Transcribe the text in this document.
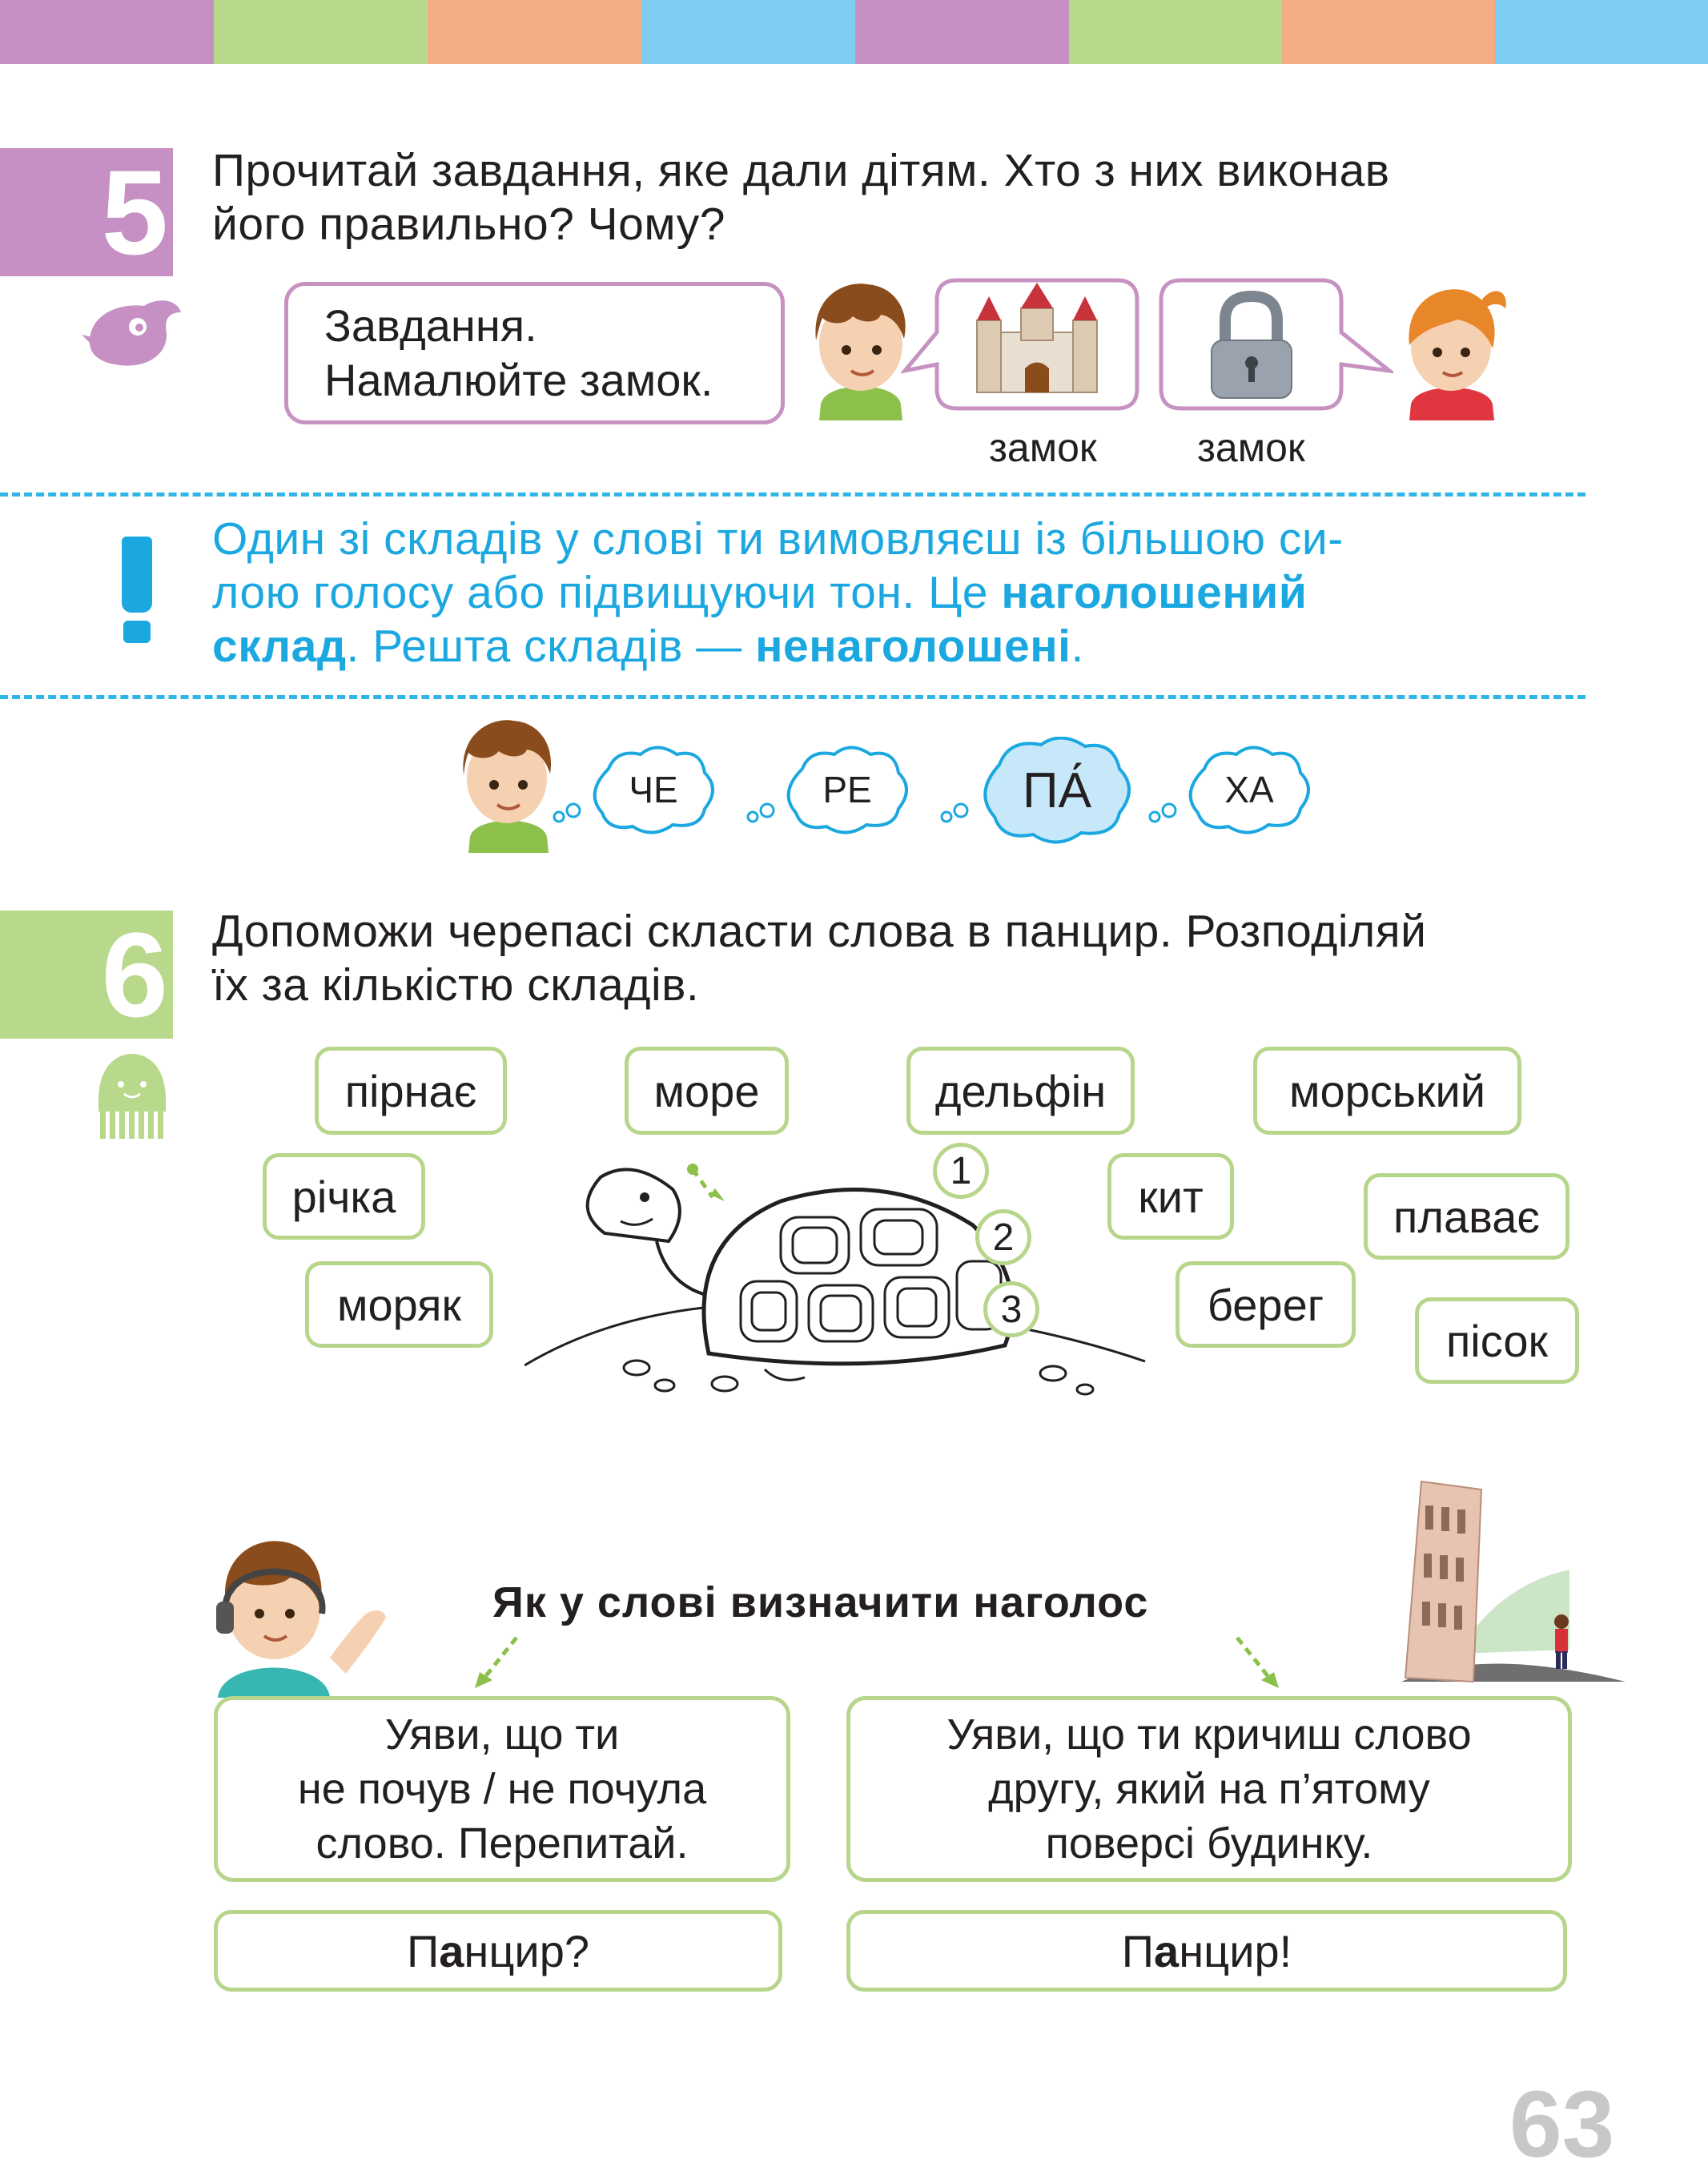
5 Прочитай завдання, яке дали дітям. Хто з них виконав
його правильно? Чому?
Завдання.
Намалюйте замок.
замок	замок
Один зі складів у слові ти вимовляєш із більшою си-
лою голосу або підвищуючи тон. Це наголошений
склад. Решта складів — ненаголошені.
ЧЕ	РЕ	ПА́	ХА
6 Допоможи черепасі скласти слова в панцир. Розподіляй
їх за кількістю складів.
пірнає	море	дельфін	морський
річка	кит	плаває
моряк	берег
пісок
1
2
3
Як у слові визначити наголос
Уяви, що ти
не почув / не почула
слово. Перепитай.
Уяви, що ти кричиш слово
другу, який на п’ятому
поверсі будинку.
Панцир?	Панцир!
63
